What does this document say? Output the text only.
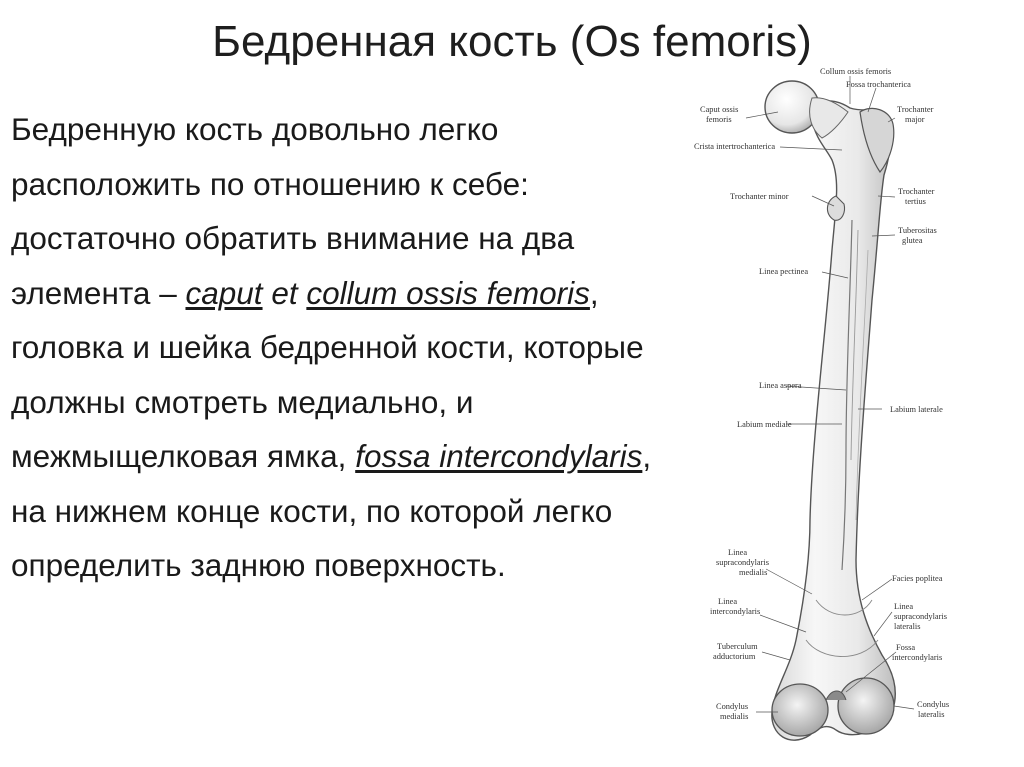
Бедренная кость (Os femoris)
Бедренную кость довольно легко расположить по отношению к себе: достаточно обратить внимание на два элемента – caput et collum ossis femoris, головка и шейка бедренной кости, которые должны смотреть медиально, и межмыщелковая ямка, fossa intercondylaris, на нижнем конце кости, по которой легко определить заднюю поверхность.
Collum ossis femoris
Fossa trochanterica
Caput ossis
femoris
Trochanter
major
Crista intertrochanterica
Trochanter minor
Trochanter
tertius
Tuberositas
glutea
Linea pectinea
Linea aspera
Labium mediale
Labium laterale
Linea
supracondylaris
medialis
Facies poplitea
Linea
intercondylaris
Linea
supracondylaris
lateralis
Tuberculum
adductorium
Fossa
intercondylaris
Condylus
medialis
Condylus
lateralis
